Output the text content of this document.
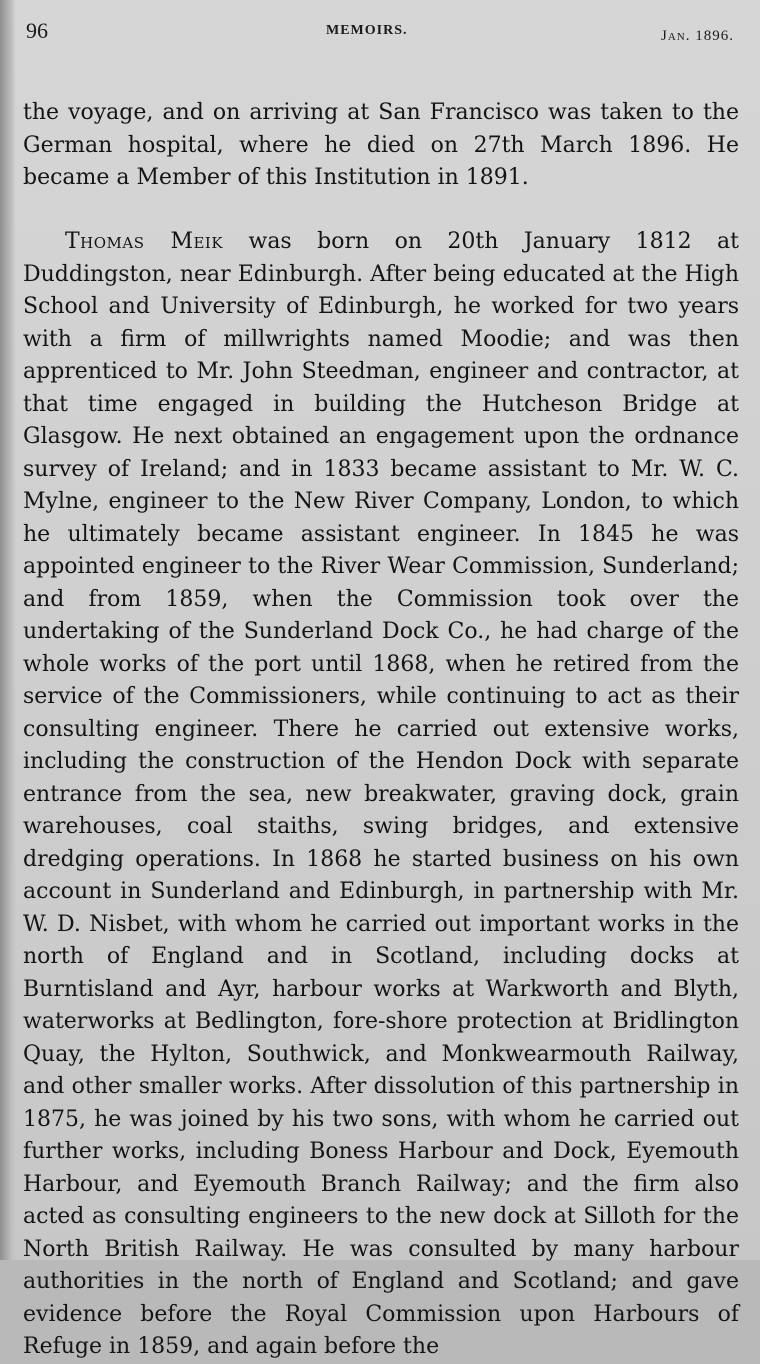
96	MEMOIRS.	Jan. 1896.

the voyage, and on arriving at San Francisco was taken to the German hospital, where he died on 27th March 1896. He became a Member of this Institution in 1891.

Thomas Meik was born on 20th January 1812 at Duddingston, near Edinburgh. After being educated at the High School and University of Edinburgh, he worked for two years with a firm of millwrights named Moodie; and was then apprenticed to Mr. John Steedman, engineer and contractor, at that time engaged in building the Hutcheson Bridge at Glasgow. He next obtained an engagement upon the ordnance survey of Ireland; and in 1833 became assistant to Mr. W. C. Mylne, engineer to the New River Company, London, to which he ultimately became assistant engineer. In 1845 he was appointed engineer to the River Wear Commission, Sunderland; and from 1859, when the Commission took over the undertaking of the Sunderland Dock Co., he had charge of the whole works of the port until 1868, when he retired from the service of the Commissioners, while continuing to act as their consulting engineer. There he carried out extensive works, including the construction of the Hendon Dock with separate entrance from the sea, new breakwater, graving dock, grain warehouses, coal staiths, swing bridges, and extensive dredging operations. In 1868 he started business on his own account in Sunderland and Edinburgh, in partnership with Mr. W. D. Nisbet, with whom he carried out important works in the north of England and in Scotland, including docks at Burntisland and Ayr, harbour works at Warkworth and Blyth, waterworks at Bedlington, fore-shore protection at Bridlington Quay, the Hylton, Southwick, and Monkwearmouth Railway, and other smaller works. After dissolution of this partnership in 1875, he was joined by his two sons, with whom he carried out further works, including Boness Harbour and Dock, Eyemouth Harbour, and Eyemouth Branch Railway; and the firm also acted as consulting engineers to the new dock at Silloth for the North British Railway. He was consulted by many harbour authorities in the north of England and Scotland; and gave evidence before the Royal Commission upon Harbours of Refuge in 1859, and again before the
